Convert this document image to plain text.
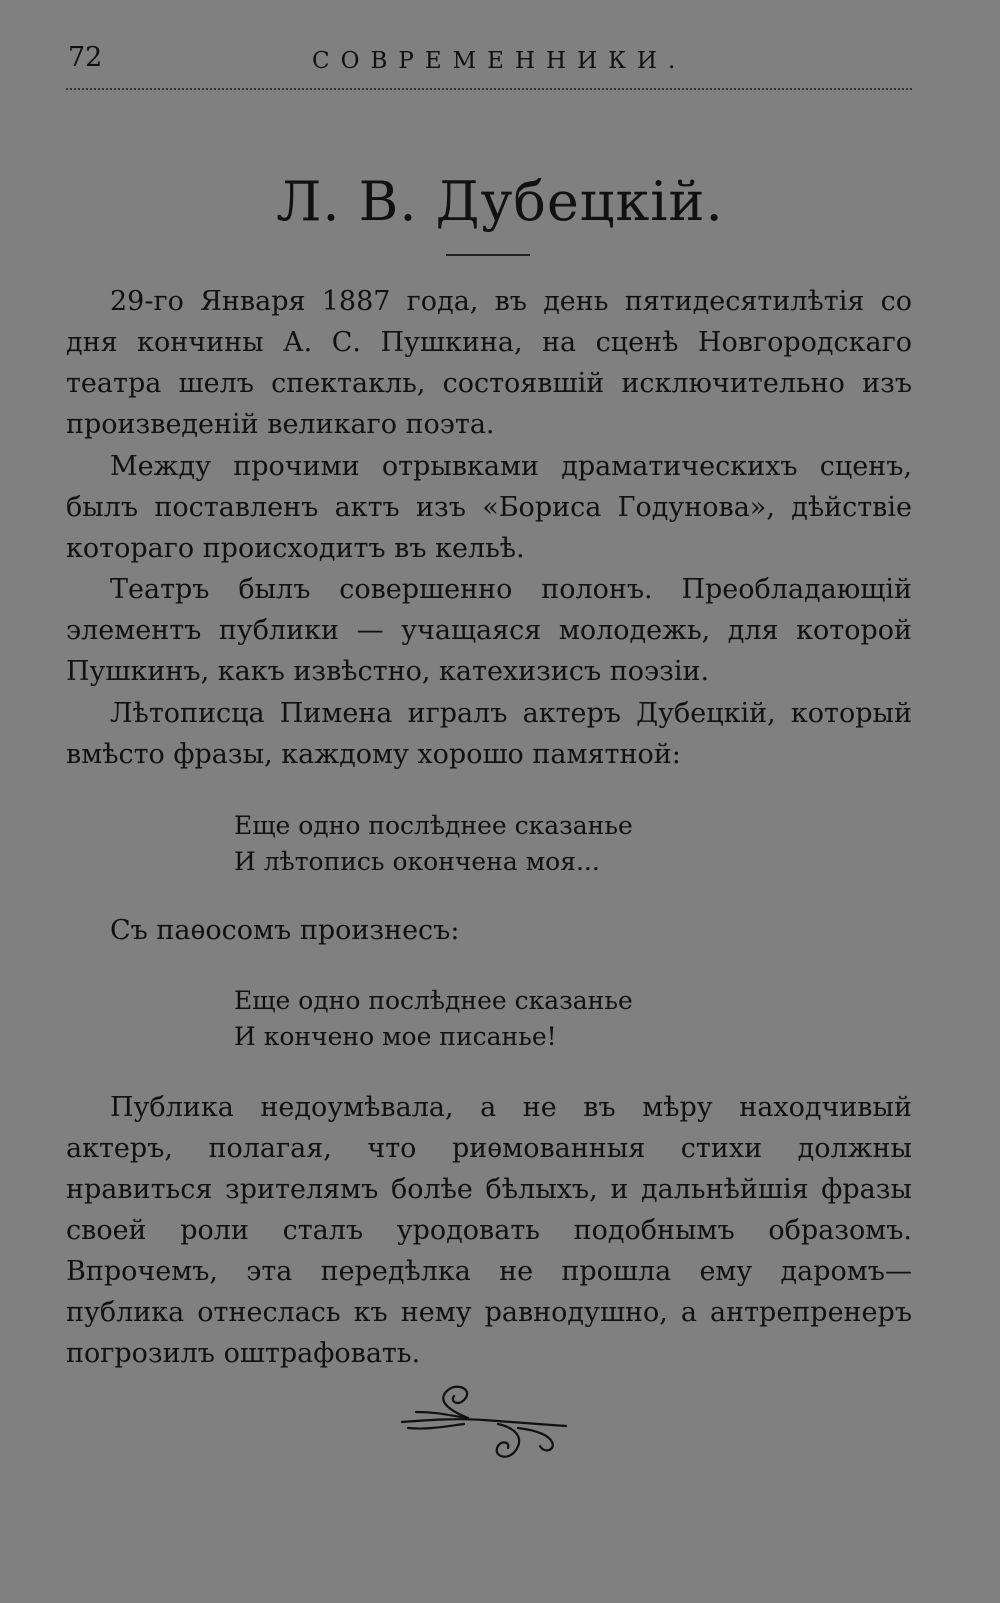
72	СОВРЕМЕННИКИ.
Л. В. Дубецкій.

29-го Января 1887 года, въ день пятидесятилѣтія со дня кончины А. С. Пушкина, на сценѣ Новгородскаго театра шелъ спектакль, состоявшій исключительно изъ произведеній великаго поэта.

Между прочими отрывками драматическихъ сценъ, былъ поставленъ актъ изъ «Бориса Годунова», дѣйствіе котораго происходитъ въ кельѣ.

Театръ былъ совершенно полонъ. Преобладающій элементъ публики — учащаяся молодежь, для которой Пушкинъ, какъ извѣстно, катехизисъ поэзіи.

Лѣтописца Пимена игралъ актеръ Дубецкій, который вмѣсто фразы, каждому хорошо памятной:

Еще одно послѣднее сказанье
И лѣтопись окончена моя...

Съ паѳосомъ произнесъ:

Еще одно послѣднее сказанье
И кончено мое писанье!

Публика недоумѣвала, а не въ мѣру находчивый актеръ, полагая, что риѳмованныя стихи должны нравиться зрителямъ болѣе бѣлыхъ, и дальнѣйшія фразы своей роли сталъ уродовать подобнымъ образомъ. Впрочемъ, эта передѣлка не прошла ему даромъ—публика отнеслась къ нему равнодушно, а антрепренеръ погрозилъ оштрафовать.
